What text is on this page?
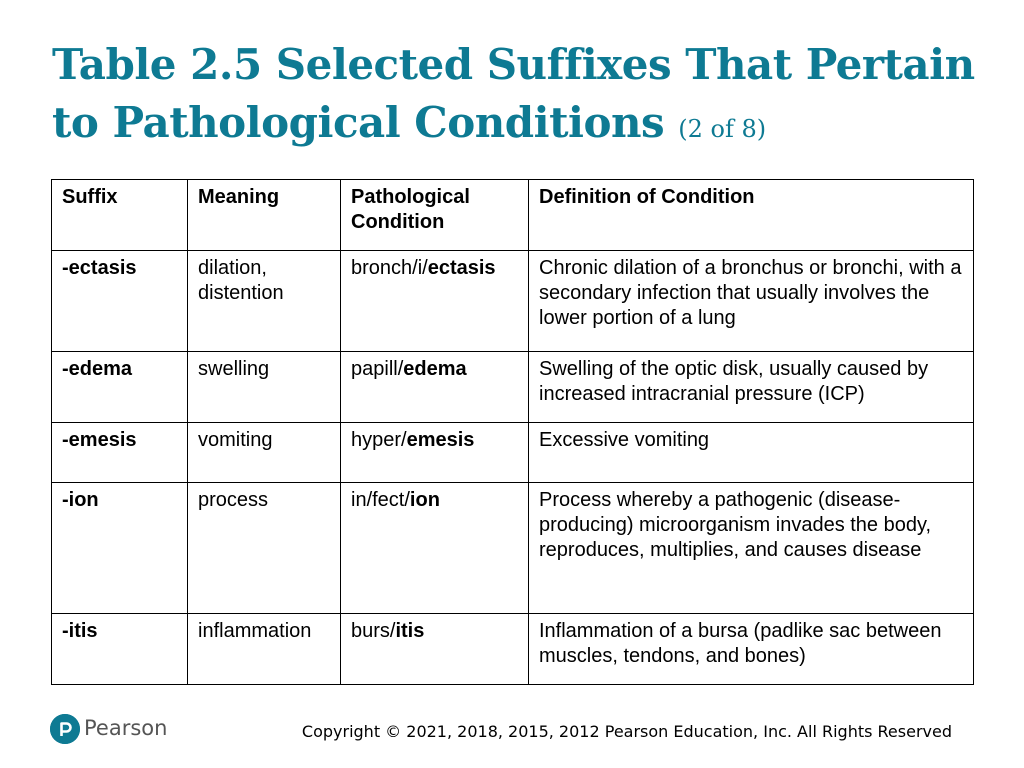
Table 2.5 Selected Suffixes That Pertain to Pathological Conditions (2 of 8)
Suffix	Meaning	Pathological Condition	Definition of Condition
-ectasis	dilation, distention	bronch/i/ectasis	Chronic dilation of a bronchus or bronchi, with a secondary infection that usually involves the lower portion of a lung
-edema	swelling	papill/edema	Swelling of the optic disk, usually caused by increased intracranial pressure (ICP)
-emesis	vomiting	hyper/emesis	Excessive vomiting
-ion	process	in/fect/ion	Process whereby a pathogenic (disease-producing) microorganism invades the body, reproduces, multiplies, and causes disease
-itis	inflammation	burs/itis	Inflammation of a bursa (padlike sac between muscles, tendons, and bones)
Pearson	Copyright © 2021, 2018, 2015, 2012 Pearson Education, Inc. All Rights Reserved
